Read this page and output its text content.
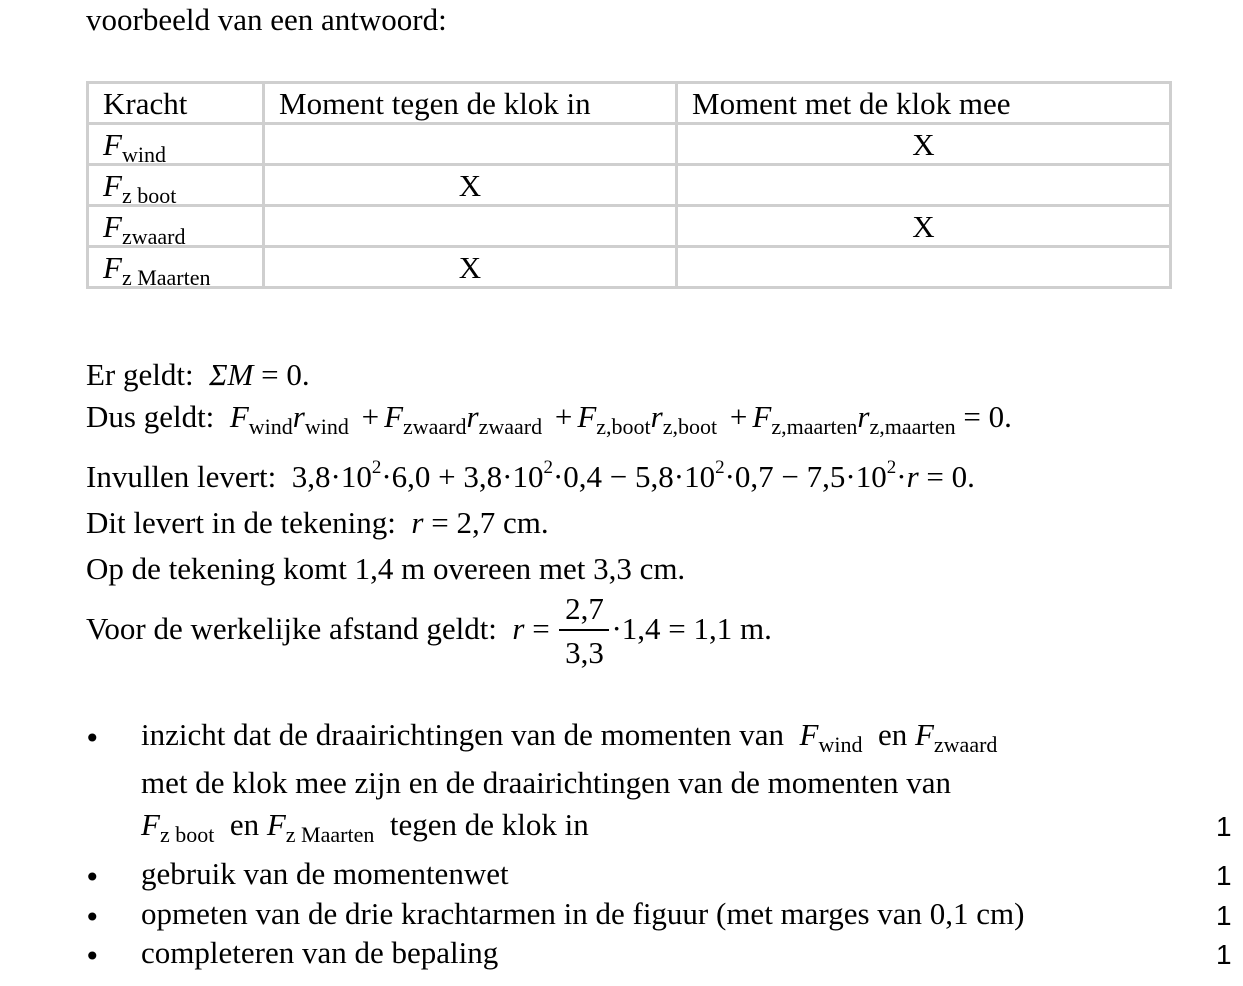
voorbeeld van een antwoord:
Kracht	Moment tegen de klok in	Moment met de klok mee
$F_{wind}$		X
$F_{z boot}$	X	
$F_{zwaard}$		X
$F_{z Maarten}$	X	
Er geldt: ΣM = 0.
Dus geldt: $F_{wind}r_{wind} + F_{zwaard}r_{zwaard} + F_{z,boot}r_{z,boot} + F_{z,maarten}r_{z,maarten} = 0$.
Invullen levert: $3,8\cdot 10^2\cdot 6,0 + 3,8\cdot 10^2\cdot 0,4 - 5,8\cdot 10^2\cdot 0,7 - 7,5\cdot 10^2\cdot r = 0$.
Dit levert in de tekening: r = 2,7 cm.
Op de tekening komt 1,4 m overeen met 3,3 cm.
Voor de werkelijke afstand geldt: $r = \frac{2,7}{3,3} \cdot 1,4 = 1,1$ m.
• inzicht dat de draairichtingen van de momenten van $F_{wind}$ en $F_{zwaard}$
met de klok mee zijn en de draairichtingen van de momenten van
$F_{z boot}$ en $F_{z Maarten}$ tegen de klok in	1
• gebruik van de momentenwet	1
• opmeten van de drie krachtarmen in de figuur (met marges van 0,1 cm)	1
• completeren van de bepaling	1
